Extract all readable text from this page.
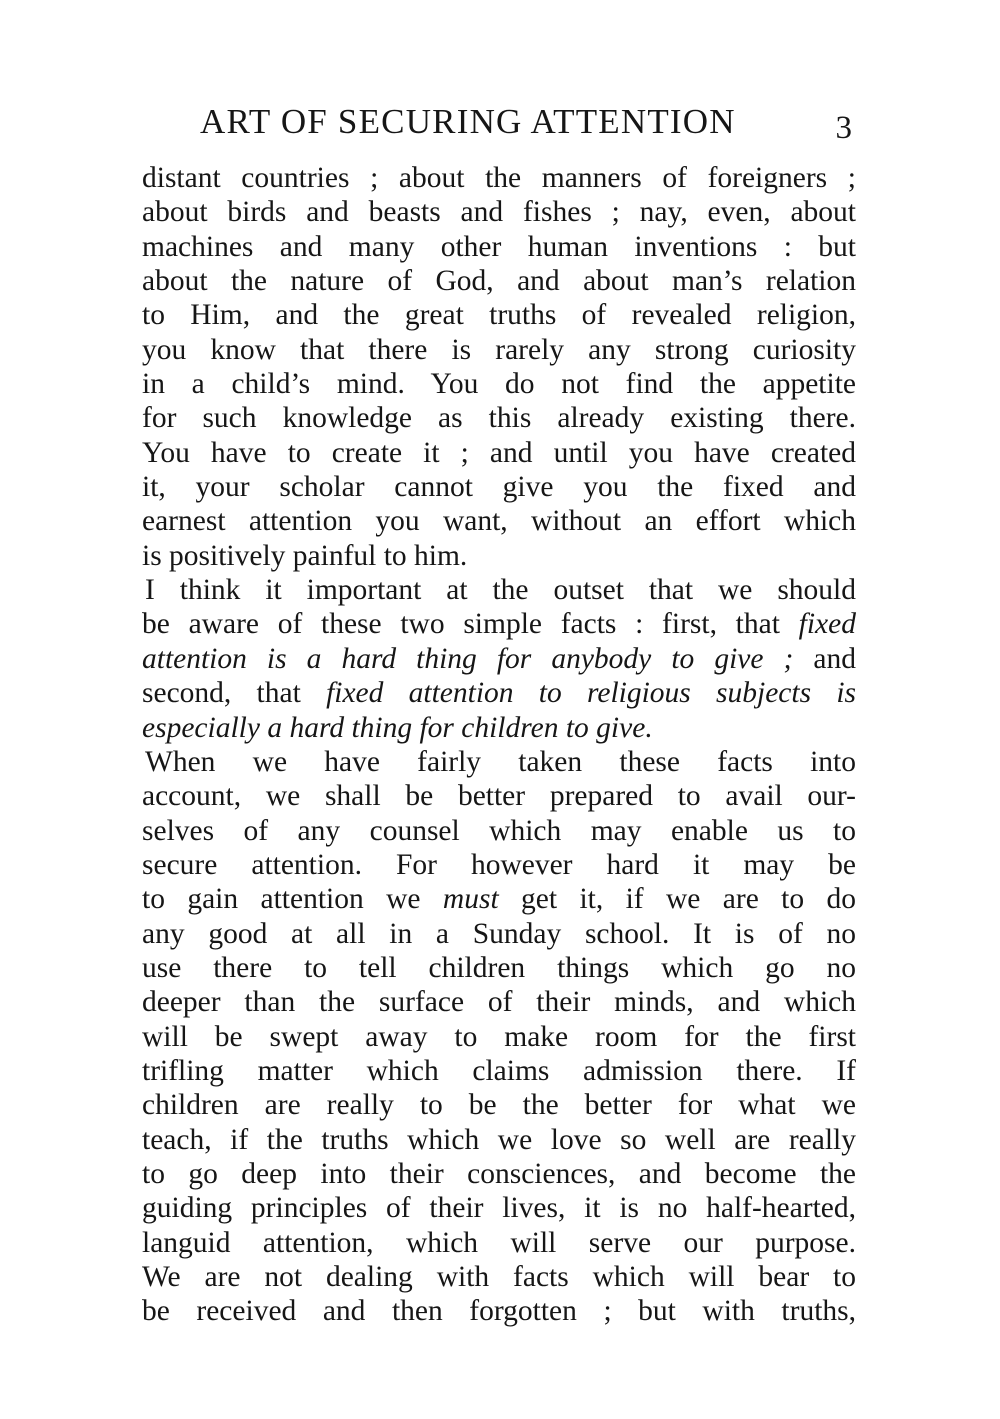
ART OF SECURING ATTENTION	3
distant countries ; about the manners of foreigners ;
about birds and beasts and fishes ; nay, even, about
machines and many other human inventions : but
about the nature of God, and about man’s relation
to Him, and the great truths of revealed religion,
you know that there is rarely any strong curiosity
in a child’s mind. You do not find the appetite
for such knowledge as this already existing there.
You have to create it ; and until you have created
it, your scholar cannot give you the fixed and
earnest attention you want, without an effort which
is positively painful to him.
I think it important at the outset that we should
be aware of these two simple facts : first, that fixed
attention is a hard thing for anybody to give ; and
second, that fixed attention to religious subjects is
especially a hard thing for children to give.
When we have fairly taken these facts into
account, we shall be better prepared to avail our-
selves of any counsel which may enable us to
secure attention. For however hard it may be
to gain attention we must get it, if we are to do
any good at all in a Sunday school. It is of no
use there to tell children things which go no
deeper than the surface of their minds, and which
will be swept away to make room for the first
trifling matter which claims admission there. If
children are really to be the better for what we
teach, if the truths which we love so well are really
to go deep into their consciences, and become the
guiding principles of their lives, it is no half-hearted,
languid attention, which will serve our purpose.
We are not dealing with facts which will bear to
be received and then forgotten ; but with truths,
